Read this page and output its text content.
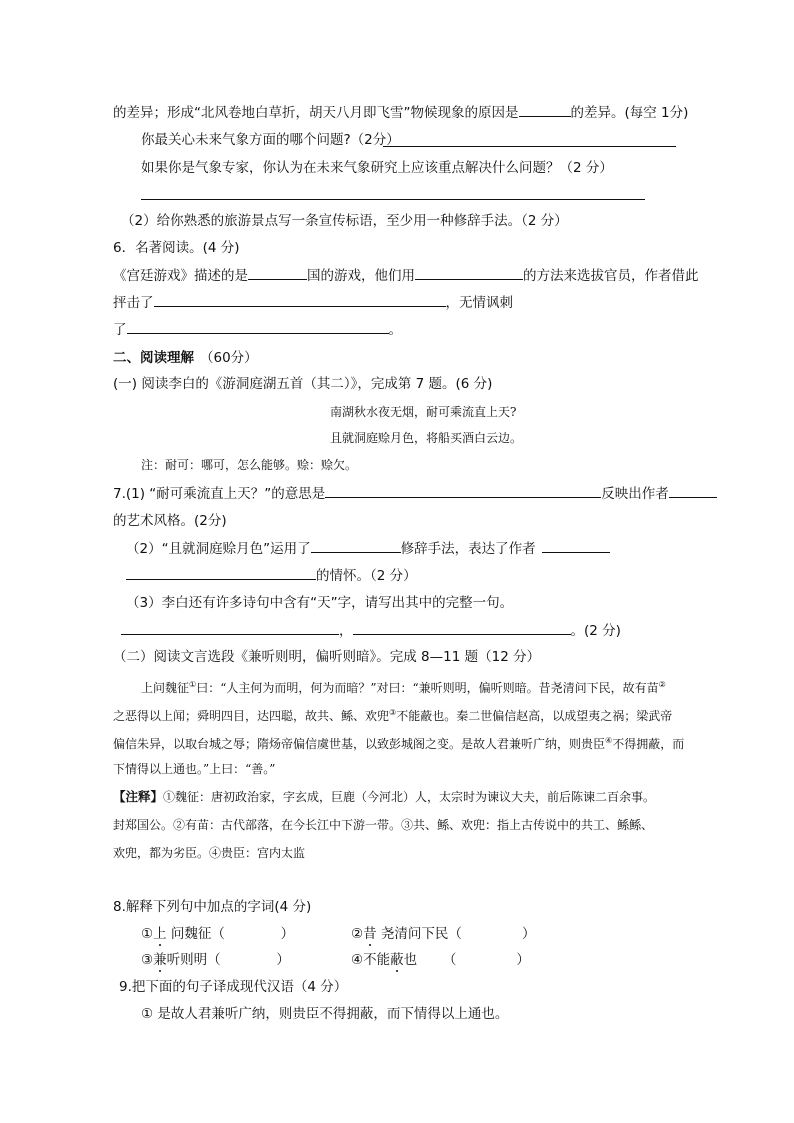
的差异；形成“北风卷地白草折，胡天八月即飞雪”物候现象的原因是	的差异。(每空 1分)
你最关心未来气象方面的哪个问题?（2分）
如果你是气象专家，你认为在未来气象研究上应该重点解决什么问题？（2 分）
（2）给你熟悉的旅游景点写一条宣传标语，至少用一种修辞手法。（2 分）
6．名著阅读。(4 分)
《宫廷游戏》描述的是	国的游戏，他们用	的方法来选拔官员，作者借此
抨击了	，无情讽刺
了	。
二、阅读理解 （60分）
(一) 阅读李白的《游洞庭湖五首（其二）》，完成第 7 题。(6 分)
南湖秋水夜无烟，耐可乘流直上天?
且就洞庭赊月色，将船买酒白云边。
注：耐可：哪可，怎么能够。赊：赊欠。
7.(1) “耐可乘流直上天？”的意思是	反映出作者
的艺术风格。(2分)
（2）“且就洞庭赊月色”运用了	修辞手法，表达了作者
的情怀。（2 分）
（3）李白还有许多诗句中含有“天”字，请写出其中的完整一句。
，	。(2 分)
（二）阅读文言选段《兼听则明，偏听则暗》。完成 8—11 题（12 分）
上问魏征①曰：“人主何为而明，何为而暗？”对曰：“兼听则明，偏听则暗。昔尧清问下民，故有苗②
之恶得以上闻；舜明四目，达四聪，故共、鲧、欢兜③不能蔽也。秦二世偏信赵高，以成望夷之祸；梁武帝
偏信朱异，以取台城之辱；隋炀帝偏信虞世基，以致彭城阁之变。是故人君兼听广纳，则贵臣④不得拥蔽，而
下情得以上通也。”上曰：“善。”
【注释】①魏征：唐初政治家，字玄成，巨鹿（今河北）人，太宗时为谏议大夫，前后陈谏二百余事。
封郑国公。②有苗：古代部落，在今长江中下游一带。③共、鲧、欢兜：指上古传说中的共工、鲧鲧、
欢兜，都为劣臣。④贵臣：宫内太监
8.解释下列句中加点的字词(4 分)
①上 问魏征（             ）	②昔 尧清问下民（              ）
③兼听则明（             ）	④不能蔽也      （              ）
9.把下面的句子译成现代汉语（4 分）
① 是故人君兼听广纳，则贵臣不得拥蔽，而下情得以上通也。
